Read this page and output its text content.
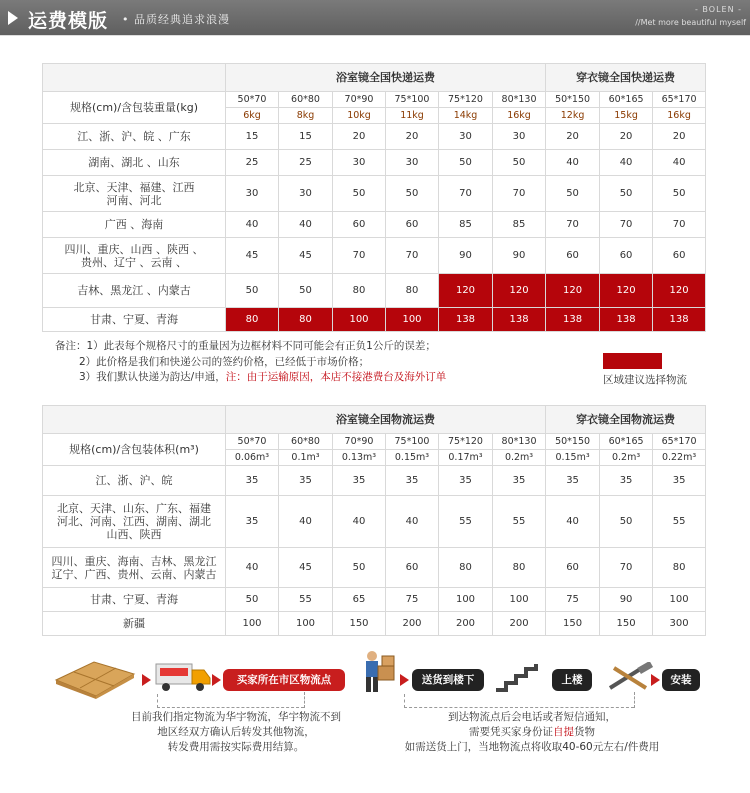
运费模版 • 品质经典追求浪漫
- BOLEN -
//Met more beautiful myself
	浴室镜全国快递运费						穿衣镜全国快递运费		
规格(cm)/含包装重量(kg)	50*70	60*80	70*90	75*100	75*120	80*130	50*150	60*165	65*170
	6kg	8kg	10kg	11kg	14kg	16kg	12kg	15kg	16kg

江、浙、沪、皖 、广东	15	15	20	20	30	30	20	20	20

湖南、湖北 、山东	25	25	30	30	50	50	40	40	40

北京、天津、福建、江西
河南、河北	30	30	50	50	70	70	50	50	50

广西 、海南	40	40	60	60	85	85	70	70	70

四川、重庆、山西 、陕西 、
贵州、辽宁 、云南 、	45	45	70	70	90	90	60	60	60

吉林、黑龙江 、内蒙古	50	50	80	80	120	120	120	120	120

甘肃、宁夏、青海	80	80	100	100	138	138	138	138	138
备注：1）此表每个规格尺寸的重量因为边框材料不同可能会有正负1公斤的误差；
2）此价格是我们和快递公司的签约价格，已经低于市场价格；
3）我们默认快递为韵达/申通，注：由于运输原因，本店不接港费台及海外订单	区域建议选择物流
	浴室镜全国物流运费						穿衣镜全国物流运费		
规格(cm)/含包装体积(m³)	50*70	60*80	70*90	75*100	75*120	80*130	50*150	60*165	65*170
	0.06m³	0.1m³	0.13m³	0.15m³	0.17m³	0.2m³	0.15m³	0.2m³	0.22m³

江、浙、沪、皖	35	35	35	35	35	35	35	35	35

北京、天津、山东、广东、福建
河北、河南、江西、湖南、湖北
山西、陕西	35	40	40	40	55	55	40	50	55

四川、重庆、海南、吉林、黑龙江
辽宁、广西、贵州、云南、内蒙古	40	45	50	60	80	80	60	70	80

甘肃、宁夏、青海	50	55	65	75	100	100	75	90	100

新疆	100	100	150	200	200	200	150	150	300
买家所在市区物流点	送货到楼下	上楼	安装
目前我们指定物流为华宇物流，华宇物流不到
地区经双方确认后转发其他物流，
转发费用需按实际费用结算。
到达物流点后会电话或者短信通知，
需要凭买家身份证自提货物
如需送货上门，当地物流点将收取40-60元左右/件费用
